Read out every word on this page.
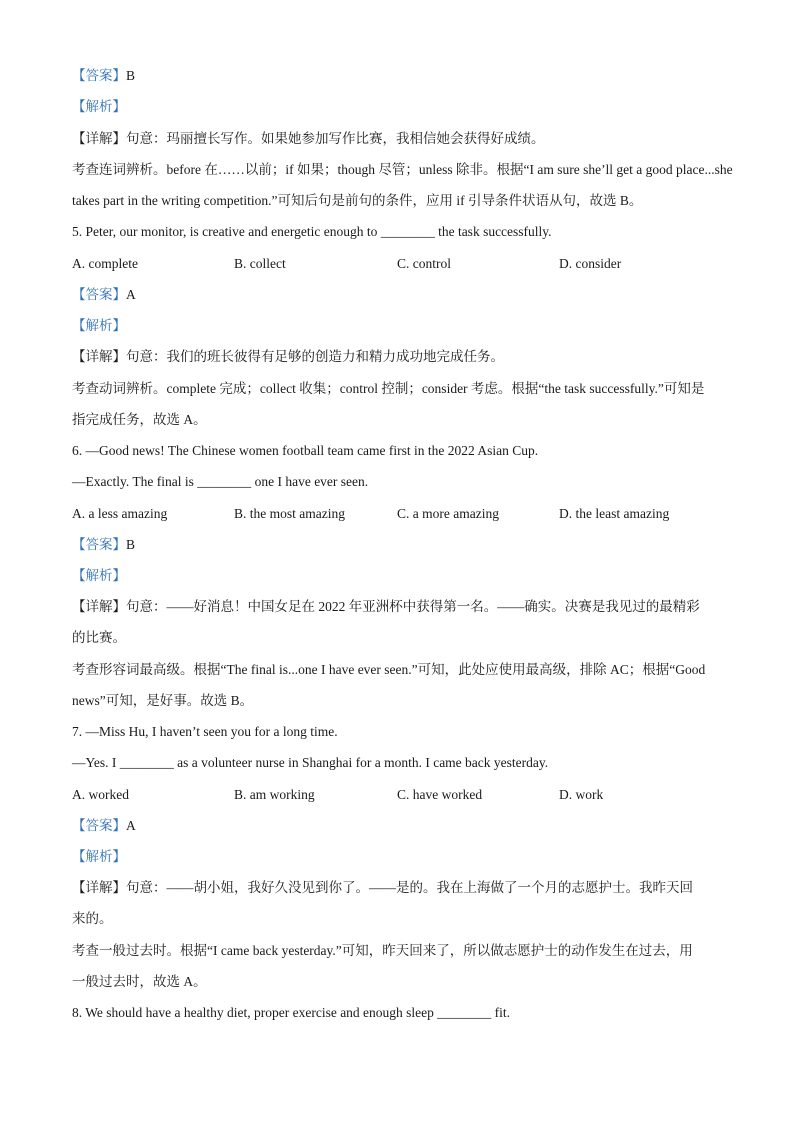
【答案】B
【解析】
【详解】句意：玛丽擅长写作。如果她参加写作比赛，我相信她会获得好成绩。
考查连词辨析。before 在……以前；if 如果；though 尽管；unless 除非。根据“I am sure she’ll get a good place...she
takes part in the writing competition.”可知后句是前句的条件，应用 if 引导条件状语从句，故选 B。
5. Peter, our monitor, is creative and energetic enough to ________ the task successfully.
A. complete	B. collect	C. control	D. consider
【答案】A
【解析】
【详解】句意：我们的班长彼得有足够的创造力和精力成功地完成任务。
考查动词辨析。complete 完成；collect 收集；control 控制；consider 考虑。根据“the task successfully.”可知是
指完成任务，故选 A。
6. —Good news! The Chinese women football team came first in the 2022 Asian Cup.
—Exactly. The final is ________ one I have ever seen.
A. a less amazing	B. the most amazing	C. a more amazing	D. the least amazing
【答案】B
【解析】
【详解】句意：——好消息！中国女足在 2022 年亚洲杯中获得第一名。——确实。决赛是我见过的最精彩
的比赛。
考查形容词最高级。根据“The final is...one I have ever seen.”可知，此处应使用最高级，排除 AC；根据“Good
news”可知，是好事。故选 B。
7. —Miss Hu, I haven’t seen you for a long time.
—Yes. I ________ as a volunteer nurse in Shanghai for a month. I came back yesterday.
A. worked	B. am working	C. have worked	D. work
【答案】A
【解析】
【详解】句意：——胡小姐，我好久没见到你了。——是的。我在上海做了一个月的志愿护士。我昨天回
来的。
考查一般过去时。根据“I came back yesterday.”可知，昨天回来了，所以做志愿护士的动作发生在过去，用
一般过去时，故选 A。
8. We should have a healthy diet, proper exercise and enough sleep ________ fit.
